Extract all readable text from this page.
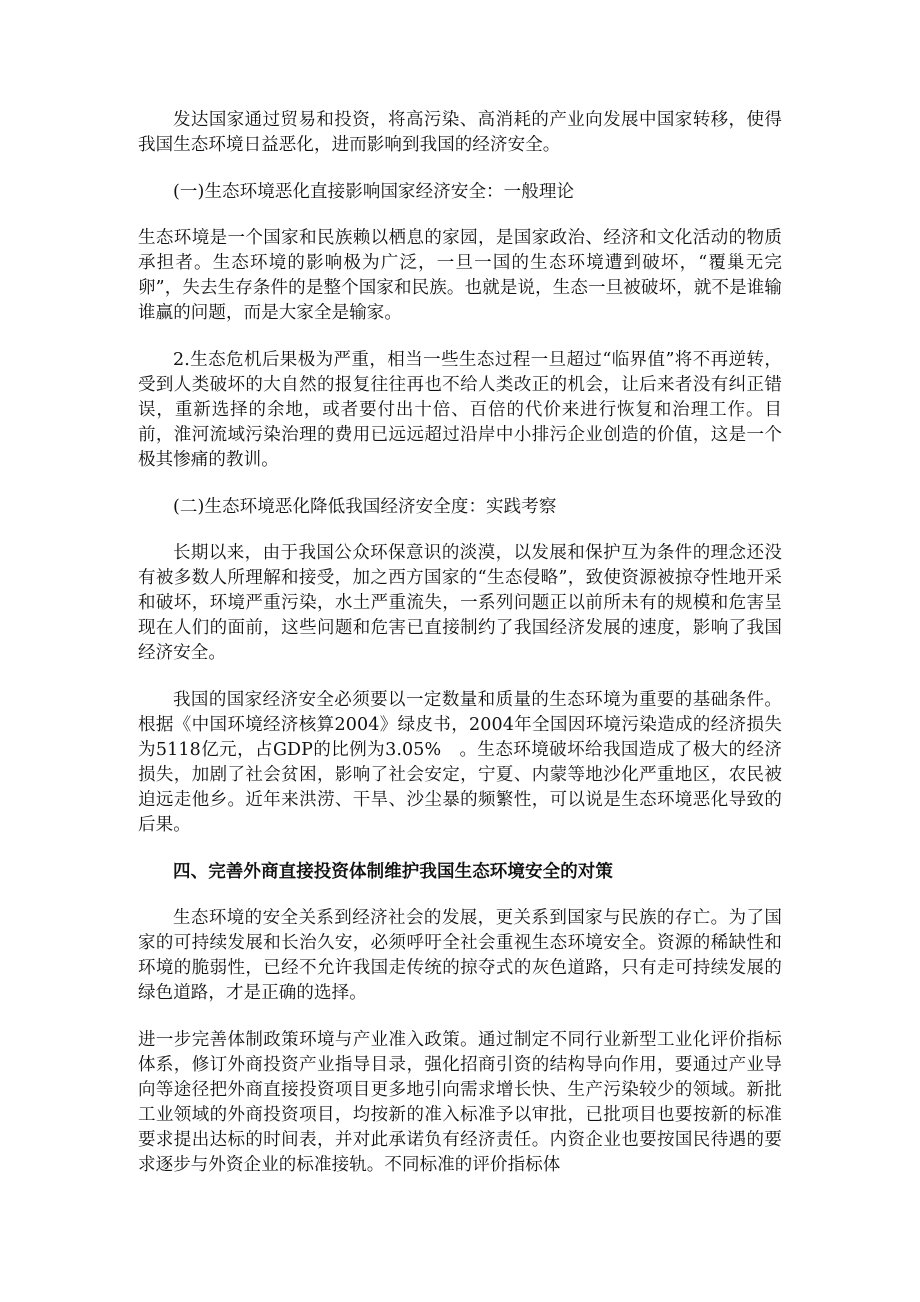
发达国家通过贸易和投资，将高污染、高消耗的产业向发展中国家转移，使得我国生态环境日益恶化，进而影响到我国的经济安全。

(一)生态环境恶化直接影响国家经济安全：一般理论

生态环境是一个国家和民族赖以栖息的家园，是国家政治、经济和文化活动的物质承担者。生态环境的影响极为广泛，一旦一国的生态环境遭到破坏，“覆巢无完卵”，失去生存条件的是整个国家和民族。也就是说，生态一旦被破坏，就不是谁输谁赢的问题，而是大家全是输家。

2.生态危机后果极为严重，相当一些生态过程一旦超过“临界值”将不再逆转，受到人类破坏的大自然的报复往往再也不给人类改正的机会，让后来者没有纠正错误，重新选择的余地，或者要付出十倍、百倍的代价来进行恢复和治理工作。目前，淮河流域污染治理的费用已远远超过沿岸中小排污企业创造的价值，这是一个极其惨痛的教训。

(二)生态环境恶化降低我国经济安全度：实践考察

长期以来，由于我国公众环保意识的淡漠，以发展和保护互为条件的理念还没有被多数人所理解和接受，加之西方国家的“生态侵略”，致使资源被掠夺性地开采和破坏，环境严重污染，水土严重流失，一系列问题正以前所未有的规模和危害呈现在人们的面前，这些问题和危害已直接制约了我国经济发展的速度，影响了我国经济安全。

我国的国家经济安全必须要以一定数量和质量的生态环境为重要的基础条件。根据《中国环境经济核算2004》绿皮书，2004年全国因环境污染造成的经济损失为5118亿元，占GDP的比例为3.05%　。生态环境破坏给我国造成了极大的经济损失，加剧了社会贫困，影响了社会安定，宁夏、内蒙等地沙化严重地区，农民被迫远走他乡。近年来洪涝、干旱、沙尘暴的频繁性，可以说是生态环境恶化导致的后果。

四、完善外商直接投资体制维护我国生态环境安全的对策

生态环境的安全关系到经济社会的发展，更关系到国家与民族的存亡。为了国家的可持续发展和长治久安，必须呼吁全社会重视生态环境安全。资源的稀缺性和环境的脆弱性，已经不允许我国走传统的掠夺式的灰色道路，只有走可持续发展的绿色道路，才是正确的选择。

进一步完善体制政策环境与产业准入政策。通过制定不同行业新型工业化评价指标体系，修订外商投资产业指导目录，强化招商引资的结构导向作用，要通过产业导向等途径把外商直接投资项目更多地引向需求增长快、生产污染较少的领域。新批工业领域的外商投资项目，均按新的准入标准予以审批，已批项目也要按新的标准要求提出达标的时间表，并对此承诺负有经济责任。内资企业也要按国民待遇的要求逐步与外资企业的标准接轨。不同标准的评价指标体
